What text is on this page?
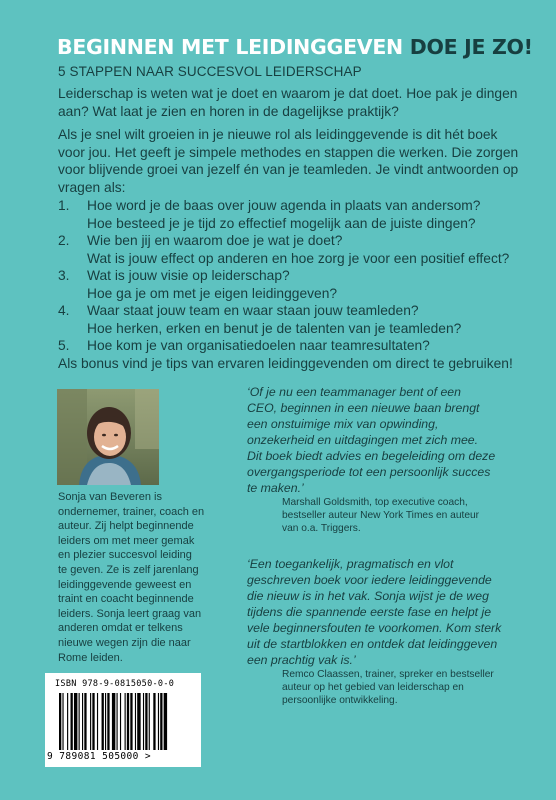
BEGINNEN MET LEIDINGGEVEN DOE JE ZO!
5 STAPPEN NAAR SUCCESVOL LEIDERSCHAP

Leiderschap is weten wat je doet en waarom je dat doet. Hoe pak je dingen aan? Wat laat je zien en horen in de dagelijkse praktijk?

Als je snel wilt groeien in je nieuwe rol als leidinggevende is dit hét boek voor jou. Het geeft je simpele methodes en stappen die werken. Die zorgen voor blijvende groei van jezelf én van je teamleden. Je vindt antwoorden op vragen als:

1. Hoe word je de baas over jouw agenda in plaats van andersom?
Hoe besteed je je tijd zo effectief mogelijk aan de juiste dingen?
2. Wie ben jij en waarom doe je wat je doet?
Wat is jouw effect op anderen en hoe zorg je voor een positief effect?
3. Wat is jouw visie op leiderschap?
Hoe ga je om met je eigen leidinggeven?
4. Waar staat jouw team en waar staan jouw teamleden?
Hoe herken, erken en benut je de talenten van je teamleden?
5. Hoe kom je van organisatiedoelen naar teamresultaten?

Als bonus vind je tips van ervaren leidinggevenden om direct te gebruiken!

Sonja van Beveren is
ondernemer, trainer, coach en
auteur. Zij helpt beginnende
leiders om met meer gemak
en plezier succesvol leiding
te geven. Ze is zelf jarenlang
leidinggevende geweest en
traint en coacht beginnende
leiders. Sonja leert graag van
anderen omdat er telkens
nieuwe wegen zijn die naar
Rome leiden.
‘Of je nu een teammanager bent of een
CEO, beginnen in een nieuwe baan brengt
een onstuimige mix van opwinding,
onzekerheid en uitdagingen met zich mee.
Dit boek biedt advies en begeleiding om deze
overgangsperiode tot een persoonlijk succes
te maken.’
Marshall Goldsmith, top executive coach,
bestseller auteur New York Times en auteur
van o.a. Triggers.
‘Een toegankelijk, pragmatisch en vlot
geschreven boek voor iedere leidinggevende
die nieuw is in het vak. Sonja wijst je de weg
tijdens die spannende eerste fase en helpt je
vele beginnersfouten te voorkomen. Kom sterk
uit de startblokken en ontdek dat leidinggeven
een prachtig vak is.’
Remco Claassen, trainer, spreker en bestseller
auteur op het gebied van leiderschap en
persoonlijke ontwikkeling.
ISBN 978-9-0815050-0-0
9 789081 505000 >
